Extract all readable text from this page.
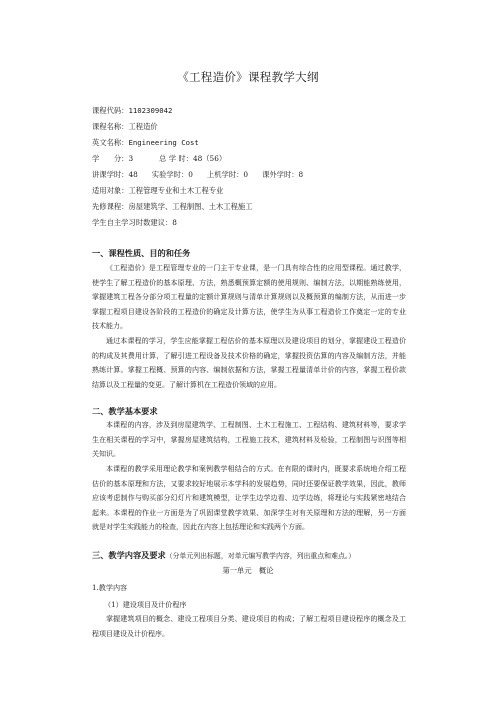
《工程造价》课程教学大纲
课程代码：1102309042
课程名称：工程造价
英文名称：Engineering Cost
学　　分：3	总 学 时：48（56）
讲课学时：48 实验学时：0 上机学时：0 课外学时：8
适用对象：工程管理专业和土木工程专业
先修课程：房屋建筑学、工程制图、土木工程施工
学生自主学习时数建议：8
一、课程性质、目的和任务
《工程造价》是工程管理专业的一门主干专业课，是一门具有综合性的应用型课程。通过教学，使学生了解工程造价的基本原理、方法，熟悉概预算定额的使用规则、编制方法，以期能熟练使用，掌握建筑工程各分部分项工程量的定额计算规则与清单计算规则以及概预算的编制方法，从而进一步掌握工程项目建设各阶段的工程造价的确定及计算方法，使学生为从事工程造价工作奠定一定的专业技术能力。
通过本课程的学习，学生应能掌握工程估价的基本原理以及建设项目的划分，掌握建设工程造价的构成及其费用计算，了解引进工程设备及技术价格的确定，掌握投资估算的内容及编制方法，并能熟练计算。掌握工程概、预算的内容、编制依据和方法，掌握工程量清单计价的内容，掌握工程价款结算以及工程量的变更。了解计算机在工程造价领域的应用。
二、教学基本要求
本课程的内容，涉及到房屋建筑学、工程制图、土木工程施工、工程结构、建筑材料等，要求学生在相关课程的学习中，掌握房屋建筑结构，工程施工技术，建筑材料及检验，工程制图与识图等相关知识。
本课程的教学采用理论教学和案例教学相结合的方式。在有限的课时内，既要求系统地介绍工程估价的基本原理和方法，又要求较好地展示本学科的发展趋势，同时还要保证教学效果，因此，教师应该考虑制作与购买部分幻灯片和建筑模型，让学生边学边看、边学边练，将理论与实践紧密地结合起来。本课程的作业一方面是为了巩固课堂教学效果、加深学生对有关原理和方法的理解，另一方面就是对学生实践能力的检查，因此在内容上包括理论和实践两个方面。
三、教学内容及要求（分单元列出标题，对单元编写教学内容，列出重点和难点。）
第一单元　概论
1.教学内容
（1）建设项目及计价程序
掌握建筑项目的概念、建设工程项目分类、建设项目的构成；了解工程项目建设程序的概念及工程项目建设及计价程序。
